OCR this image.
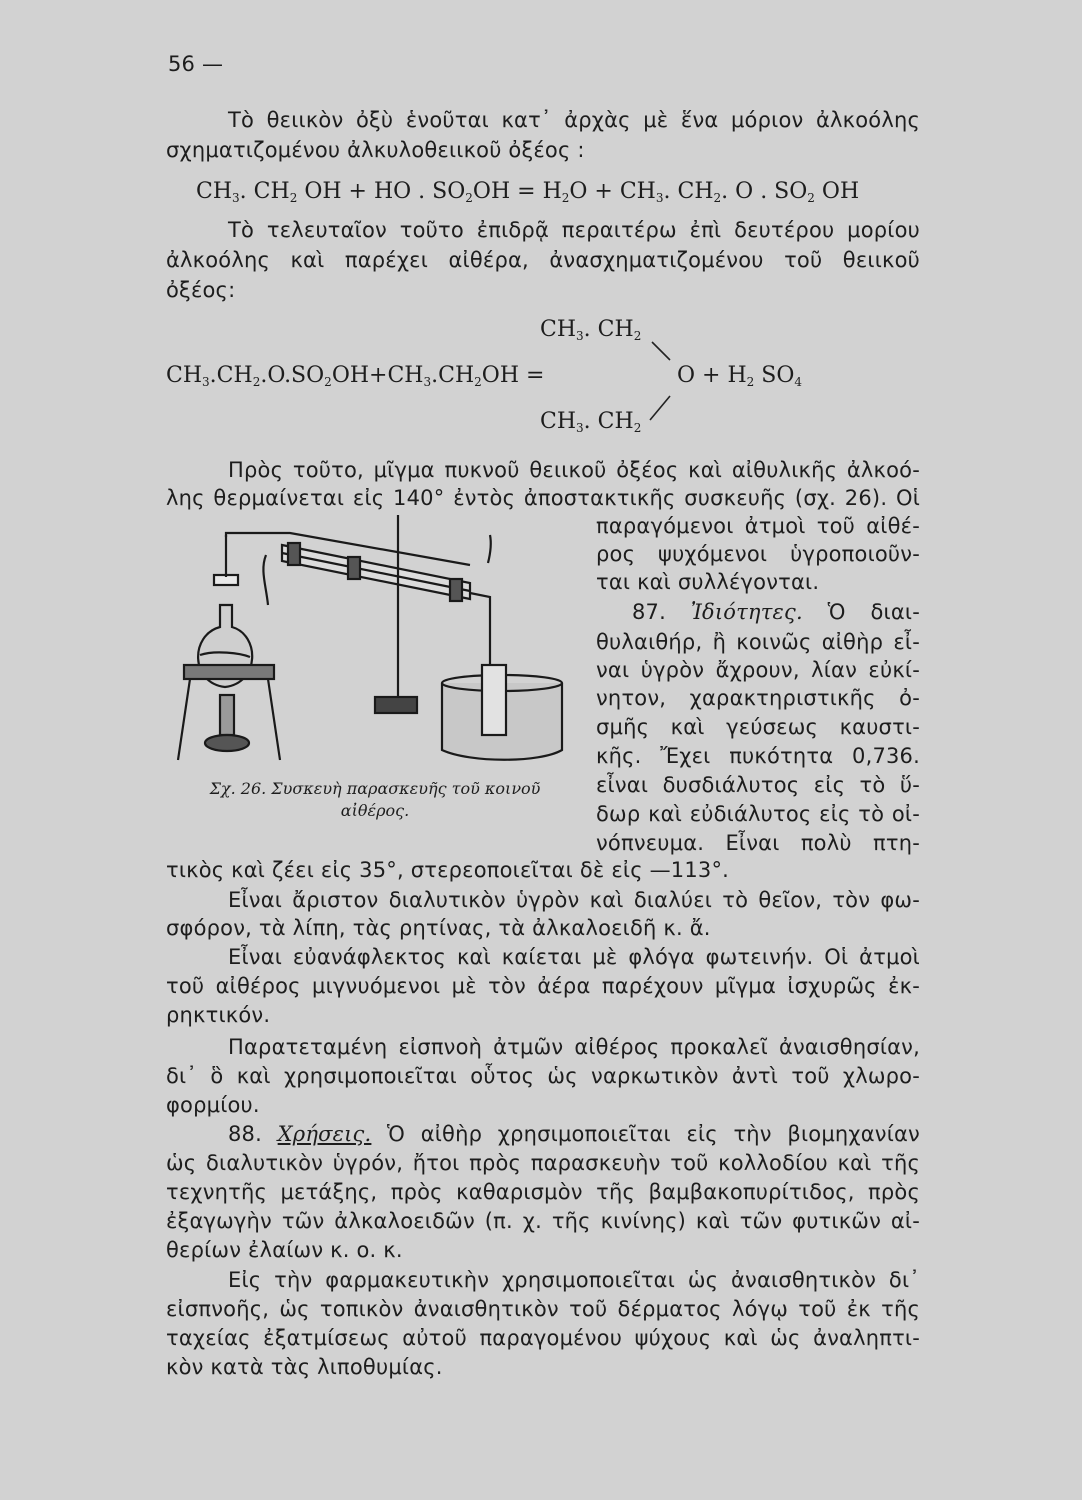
56 —
Τὸ θειικὸν ὀξὺ ἑνοῦται κατ᾽ ἀρχὰς μὲ ἕνα μόριον ἀλκοόλης
σχηματιζομένου ἀλκυλοθειικοῦ ὀξέος :
$CH_3$. $CH_2$ OH + HO . $SO_2OH = H_2O + CH_3$. $CH_2$. O . $SO_2$ OH
Τὸ τελευταῖον τοῦτο ἐπιδρᾷ περαιτέρω ἐπὶ δευτέρου μορίου
ἀλκοόλης καὶ παρέχει αἰθέρα, ἀνασχηματιζομένου τοῦ θειικοῦ
ὀξέος:
$CH_3$. $CH_2$
$CH_3.CH_2.O.SO_2OH+CH_3.CH_2OH$ =	$O + H_2$ $SO_4$
$CH_3$. $CH_2$
Πρὸς τοῦτο, μῖγμα πυκνοῦ θειικοῦ ὀξέος καὶ αἰθυλικῆς ἀλκοό-
λης θερμαίνεται εἰς 140° ἐντὸς ἀποστακτικῆς συσκευῆς (σχ. 26). Οἱ
παραγόμενοι ἀτμοὶ τοῦ αἰθέ-
ρος ψυχόμενοι ὑγροποιοῦν-
ται καὶ συλλέγονται.
87. Ἰδιότητες. Ὁ διαι-
θυλαιθήρ, ἢ κοινῶς αἰθὴρ εἶ-
ναι ὑγρὸν ἄχρουν, λίαν εὐκί-
νητον, χαρακτηριστικῆς ὀ-
σμῆς καὶ γεύσεως καυστι-
κῆς. Ἔχει πυκότητα 0,736.
εἶναι δυσδιάλυτος εἰς τὸ ὕ-
δωρ καὶ εὐδιάλυτος εἰς τὸ οἰ-
νόπνευμα. Εἶναι πολὺ πτη-
Σχ. 26. Συσκευὴ παρασκευῆς τοῦ κοινοῦ
αἰθέρος.
τικὸς καὶ ζέει εἰς 35°, στερεοποιεῖται δὲ εἰς —113°.
Εἶναι ἄριστον διαλυτικὸν ὑγρὸν καὶ διαλύει τὸ θεῖον, τὸν φω-
σφόρον, τὰ λίπη, τὰς ρητίνας, τὰ ἀλκαλοειδῆ κ. ἄ.
Εἶναι εὐανάφλεκτος καὶ καίεται μὲ φλόγα φωτεινήν. Οἱ ἀτμοὶ
τοῦ αἰθέρος μιγνυόμενοι μὲ τὸν ἀέρα παρέχουν μῖγμα ἰσχυρῶς ἐκ-
ρηκτικόν.
Παρατεταμένη εἰσπνοὴ ἀτμῶν αἰθέρος προκαλεῖ ἀναισθησίαν,
δι᾽ ὃ καὶ χρησιμοποιεῖται οὗτος ὡς ναρκωτικὸν ἀντὶ τοῦ χλωρο-
φορμίου.
88. Χρήσεις. Ὁ αἰθὴρ χρησιμοποιεῖται εἰς τὴν βιομηχανίαν
ὡς διαλυτικὸν ὑγρόν, ἤτοι πρὸς παρασκευὴν τοῦ κολλοδίου καὶ τῆς
τεχνητῆς μετάξης, πρὸς καθαρισμὸν τῆς βαμβακοπυρίτιδος, πρὸς
ἐξαγωγὴν τῶν ἀλκαλοειδῶν (π. χ. τῆς κινίνης) καὶ τῶν φυτικῶν αἰ-
θερίων ἐλαίων κ. ο. κ.
Εἰς τὴν φαρμακευτικὴν χρησιμοποιεῖται ὡς ἀναισθητικὸν δι᾽
εἰσπνοῆς, ὡς τοπικὸν ἀναισθητικὸν τοῦ δέρματος λόγῳ τοῦ ἐκ τῆς
ταχείας ἐξατμίσεως αὐτοῦ παραγομένου ψύχους καὶ ὡς ἀναληπτι-
κὸν κατὰ τὰς λιποθυμίας.
